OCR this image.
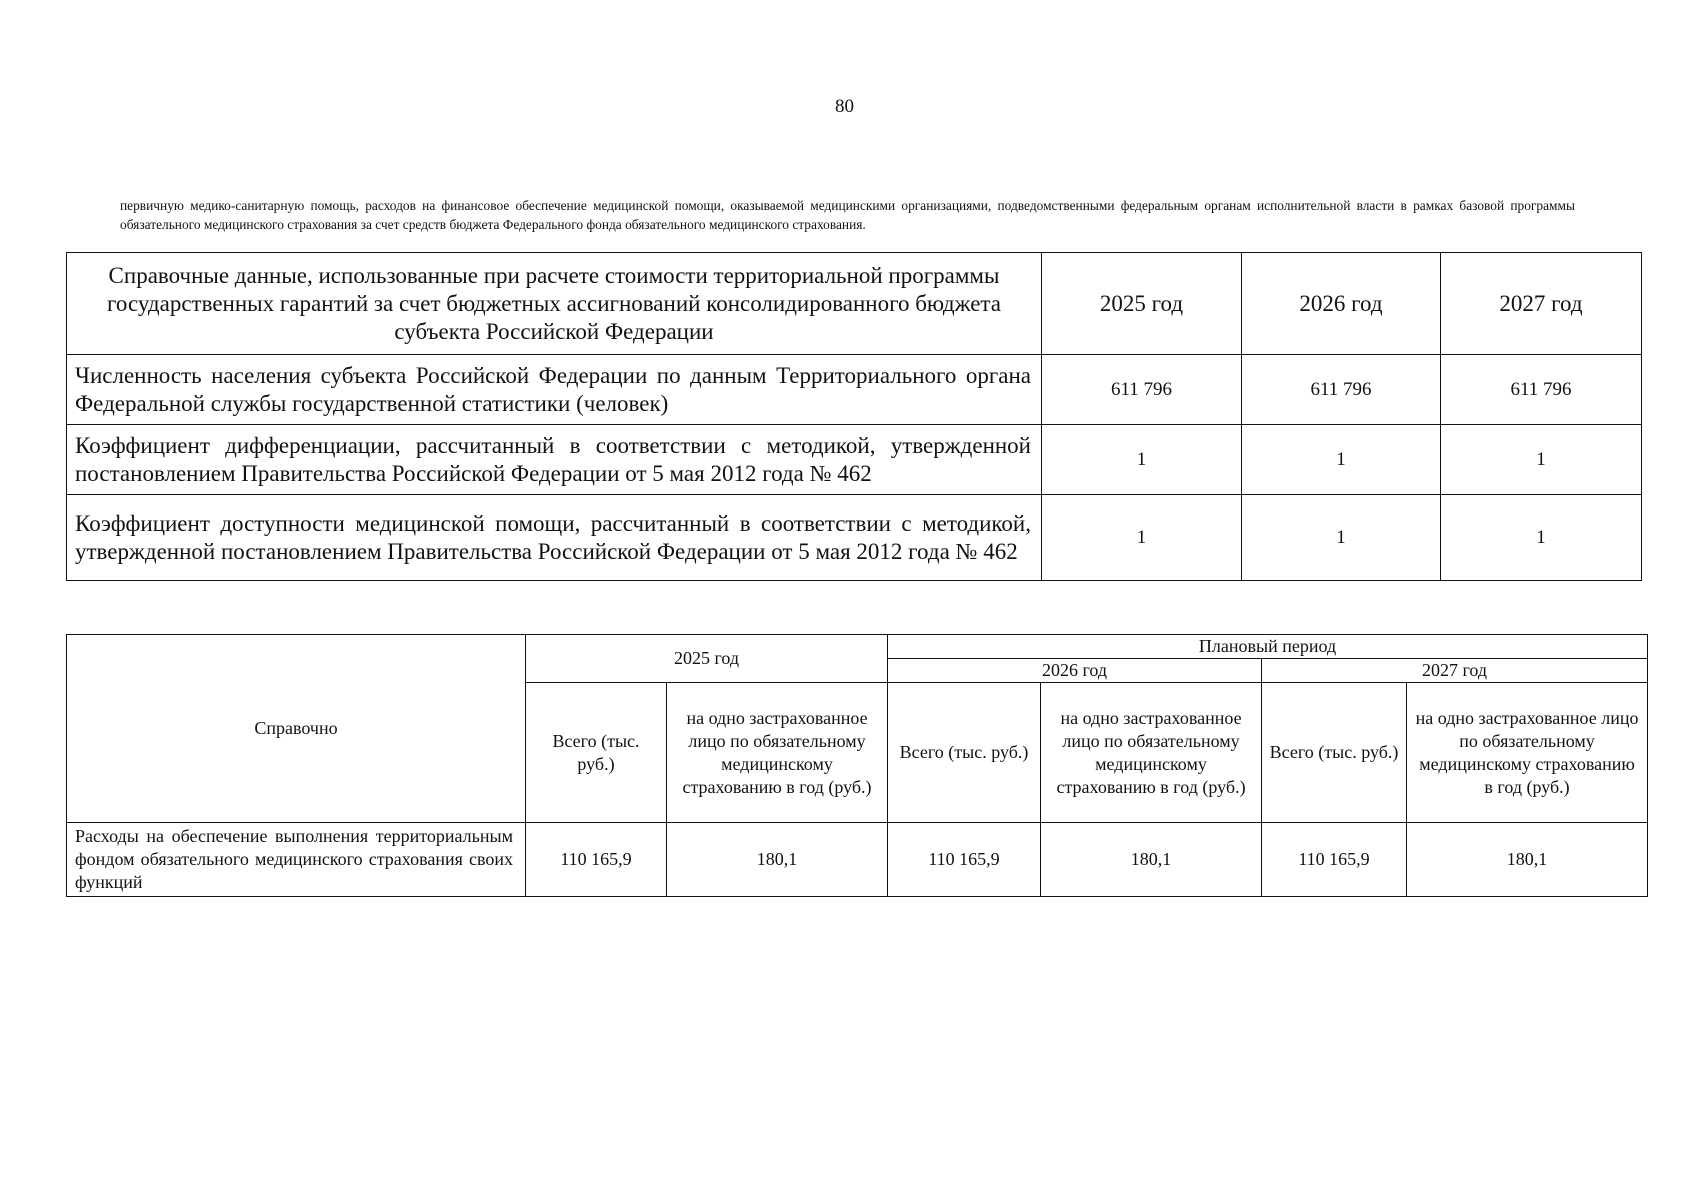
80
первичную медико-санитарную помощь, расходов на финансовое обеспечение медицинской помощи, оказываемой медицинскими организациями, подведомственными федеральным органам исполнительной власти в рамках базовой программы обязательного медицинского страхования за счет средств бюджета Федерального фонда обязательного медицинского страхования.
Справочные данные, использованные при расчете стоимости территориальной программы государственных гарантий за счет бюджетных ассигнований консолидированного бюджета субъекта Российской Федерации	2025 год	2026 год	2027 год
Численность населения субъекта Российской Федерации по данным Территориального органа Федеральной службы государственной статистики (человек)	611 796	611 796	611 796
Коэффициент дифференциации, рассчитанный в соответствии с методикой, утвержденной постановлением Правительства Российской Федерации от 5 мая 2012 года № 462	1	1	1
Коэффициент доступности медицинской помощи, рассчитанный в соответствии с методикой, утвержденной постановлением Правительства Российской Федерации от 5 мая 2012 года № 462	1	1	1
Справочно	2025 год		Плановый период			
			2026 год		2027 год	
	Всего (тыс. руб.)	на одно застрахованное лицо по обязательному медицинскому страхованию в год (руб.)	Всего (тыс. руб.)	на одно застрахованное лицо по обязательному медицинскому страхованию в год (руб.)	Всего (тыс. руб.)	на одно застрахованное лицо по обязательному медицинскому страхованию в год (руб.)
Расходы на обеспечение выполнения территориальным фондом обязательного медицинского страхования своих функций	110 165,9	180,1	110 165,9	180,1	110 165,9	180,1
